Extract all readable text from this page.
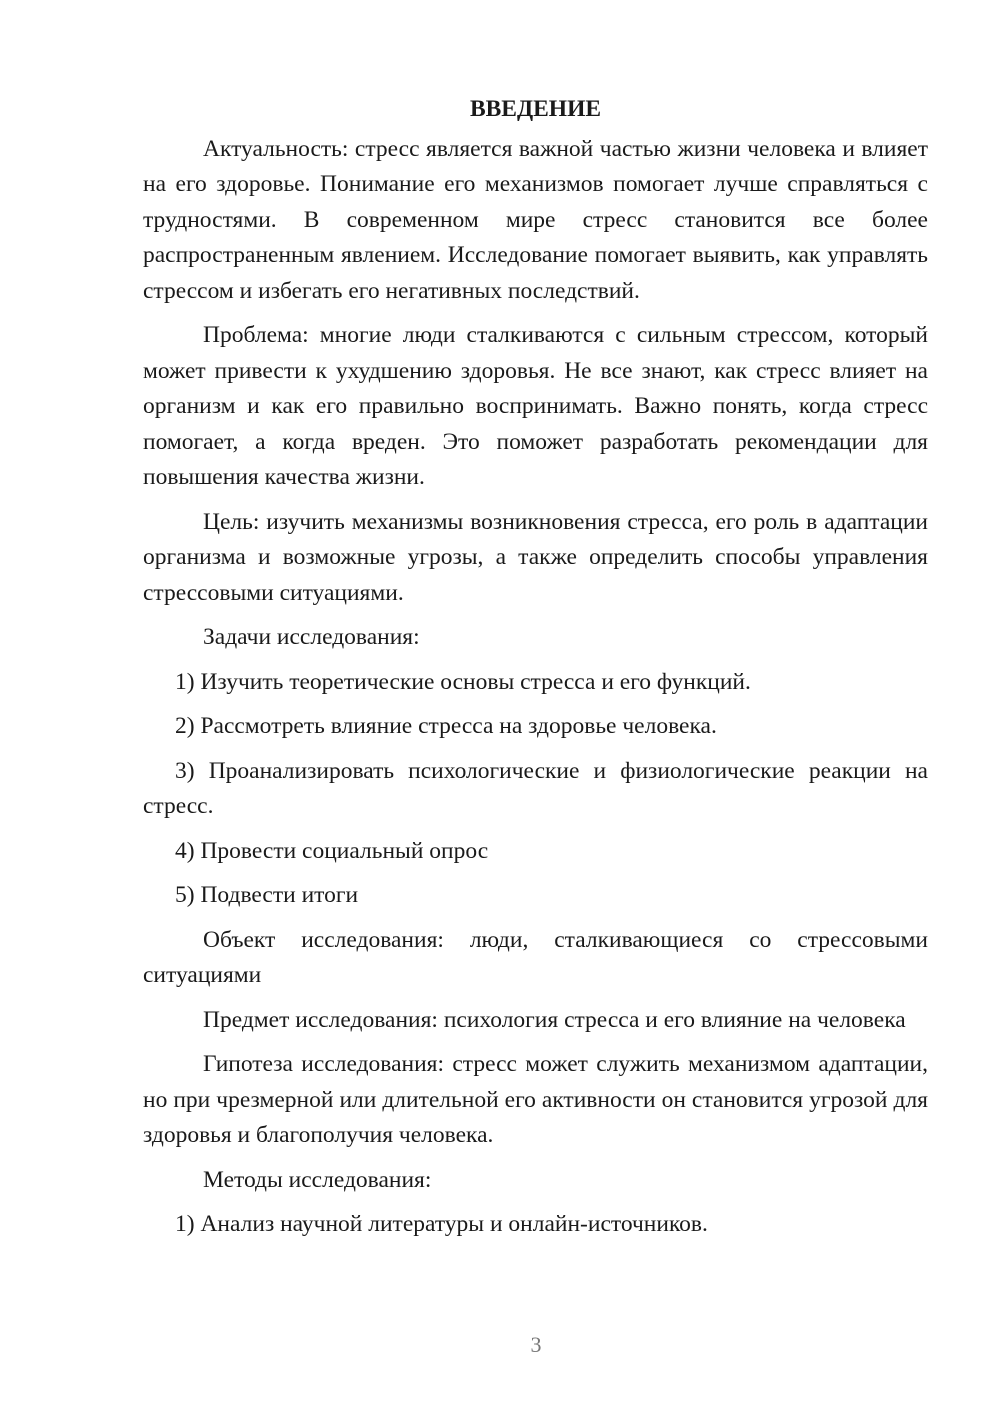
ВВЕДЕНИЕ

Актуальность: стресс является важной частью жизни человека и влияет на его здоровье. Понимание его механизмов помогает лучше справляться с трудностями. В современном мире стресс становится все более распространенным явлением. Исследование помогает выявить, как управлять стрессом и избегать его негативных последствий.

Проблема: многие люди сталкиваются с сильным стрессом, который может привести к ухудшению здоровья. Не все знают, как стресс влияет на организм и как его правильно воспринимать. Важно понять, когда стресс помогает, а когда вреден. Это поможет разработать рекомендации для повышения качества жизни.

Цель: изучить механизмы возникновения стресса, его роль в адаптации организма и возможные угрозы, а также определить способы управления стрессовыми ситуациями.

Задачи исследования:

1) Изучить теоретические основы стресса и его функций.

2) Рассмотреть влияние стресса на здоровье человека.

3) Проанализировать психологические и физиологические реакции на стресс.

4) Провести социальный опрос

5) Подвести итоги

Объект исследования: люди, сталкивающиеся со стрессовыми ситуациями

Предмет исследования: психология стресса и его влияние на человека

Гипотеза исследования: стресс может служить механизмом адаптации, но при чрезмерной или длительной его активности он становится угрозой для здоровья и благополучия человека.

Методы исследования:

1) Анализ научной литературы и онлайн-источников.

3
